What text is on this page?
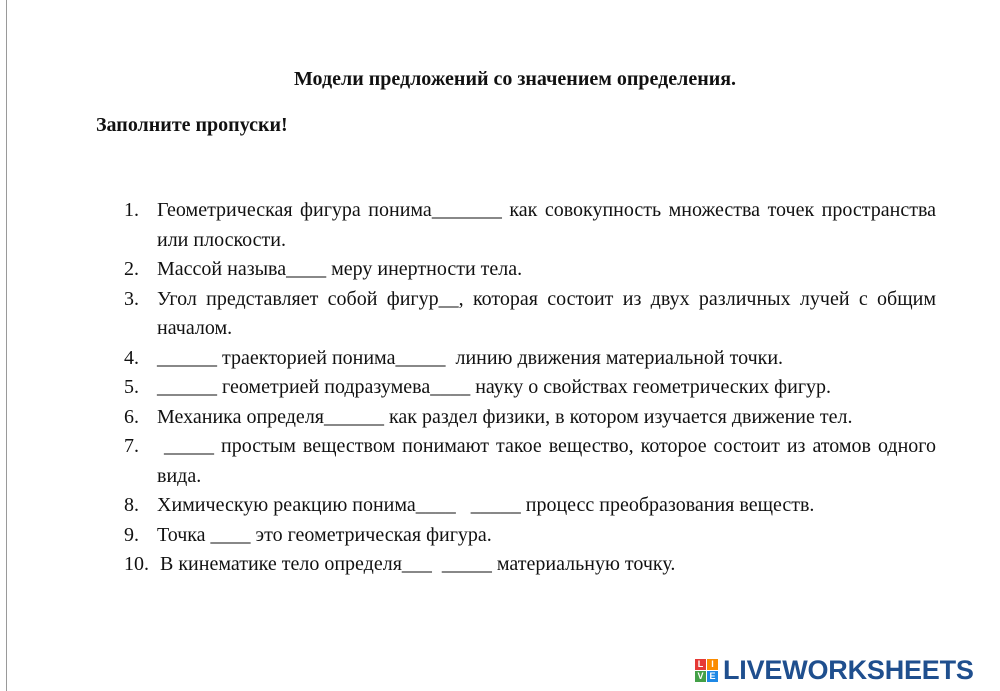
Модели предложений со значением определения.
Заполните пропуски!
1. Геометрическая фигура понима_______ как совокупность множества точек пространства или плоскости.
2. Массой называ____ меру инертности тела.
3. Угол представляет собой фигур__, которая состоит из двух различных лучей с общим началом.
4. ______ траекторией понима_____  линию движения материальной точки.
5. ______ геометрией подразумева____ науку о свойствах геометрических фигур.
6. Механика определя______ как раздел физики, в котором изучается движение тел.
7. _____ простым веществом понимают такое вещество, которое состоит из атомов одного вида.
8. Химическую реакцию понима____   _____ процесс преобразования веществ.
9. Точка ____ это геометрическая фигура.
10. В кинематике тело определя___  _____ материальную точку.
L I
V E LIVEWORKSHEETS
